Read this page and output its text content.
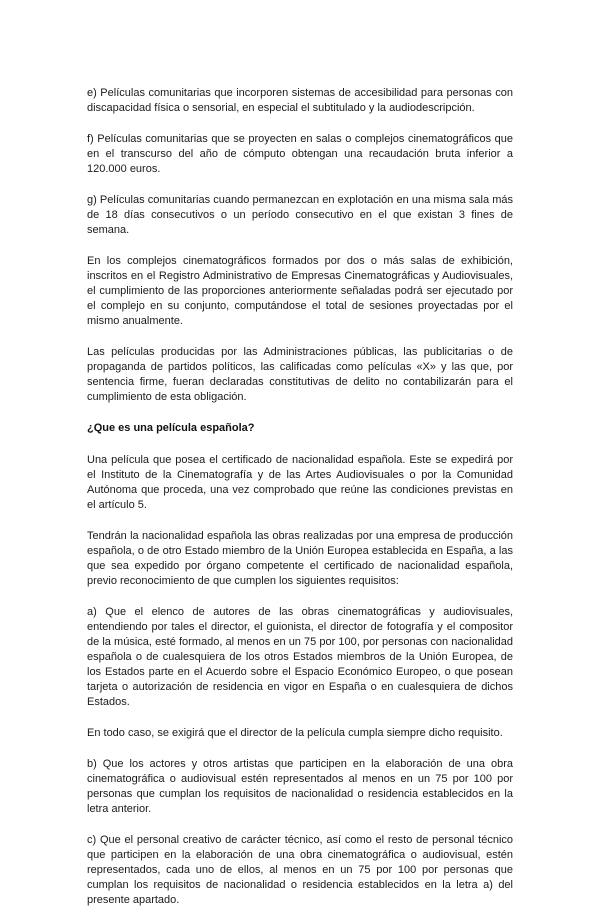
e) Películas comunitarias que incorporen sistemas de accesibilidad para personas con discapacidad física o sensorial, en especial el subtitulado y la audiodescripción.

f) Películas comunitarias que se proyecten en salas o complejos cinematográficos que en el transcurso del año de cómputo obtengan una recaudación bruta inferior a 120.000 euros.

g) Películas comunitarias cuando permanezcan en explotación en una misma sala más de 18 días consecutivos o un período consecutivo en el que existan 3 fines de semana.

En los complejos cinematográficos formados por dos o más salas de exhibición, inscritos en el Registro Administrativo de Empresas Cinematográficas y Audiovisuales, el cumplimiento de las proporciones anteriormente señaladas podrá ser ejecutado por el complejo en su conjunto, computándose el total de sesiones proyectadas por el mismo anualmente.

Las películas producidas por las Administraciones públicas, las publicitarias o de propaganda de partidos políticos, las calificadas como películas «X» y las que, por sentencia firme, fueran declaradas constitutivas de delito no contabilizarán para el cumplimiento de esta obligación.

¿Que es una película española?

Una película que posea el certificado de nacionalidad española. Este se expedirá por el Instituto de la Cinematografía y de las Artes Audiovisuales o por la Comunidad Autónoma que proceda, una vez comprobado que reúne las condiciones previstas en el artículo 5.

Tendrán la nacionalidad española las obras realizadas por una empresa de producción española, o de otro Estado miembro de la Unión Europea establecida en España, a las que sea expedido por órgano competente el certificado de nacionalidad española, previo reconocimiento de que cumplen los siguientes requisitos:

a) Que el elenco de autores de las obras cinematográficas y audiovisuales, entendiendo por tales el director, el guionista, el director de fotografía y el compositor de la música, esté formado, al menos en un 75 por 100, por personas con nacionalidad española o de cualesquiera de los otros Estados miembros de la Unión Europea, de los Estados parte en el Acuerdo sobre el Espacio Económico Europeo, o que posean tarjeta o autorización de residencia en vigor en España o en cualesquiera de dichos Estados.

En todo caso, se exigirá que el director de la película cumpla siempre dicho requisito.

b) Que los actores y otros artistas que participen en la elaboración de una obra cinematográfica o audiovisual estén representados al menos en un 75 por 100 por personas que cumplan los requisitos de nacionalidad o residencia establecidos en la letra anterior.

c) Que el personal creativo de carácter técnico, así como el resto de personal técnico que participen en la elaboración de una obra cinematográfica o audiovisual, estén representados, cada uno de ellos, al menos en un 75 por 100 por personas que cumplan los requisitos de nacionalidad o residencia establecidos en la letra a) del presente apartado.
